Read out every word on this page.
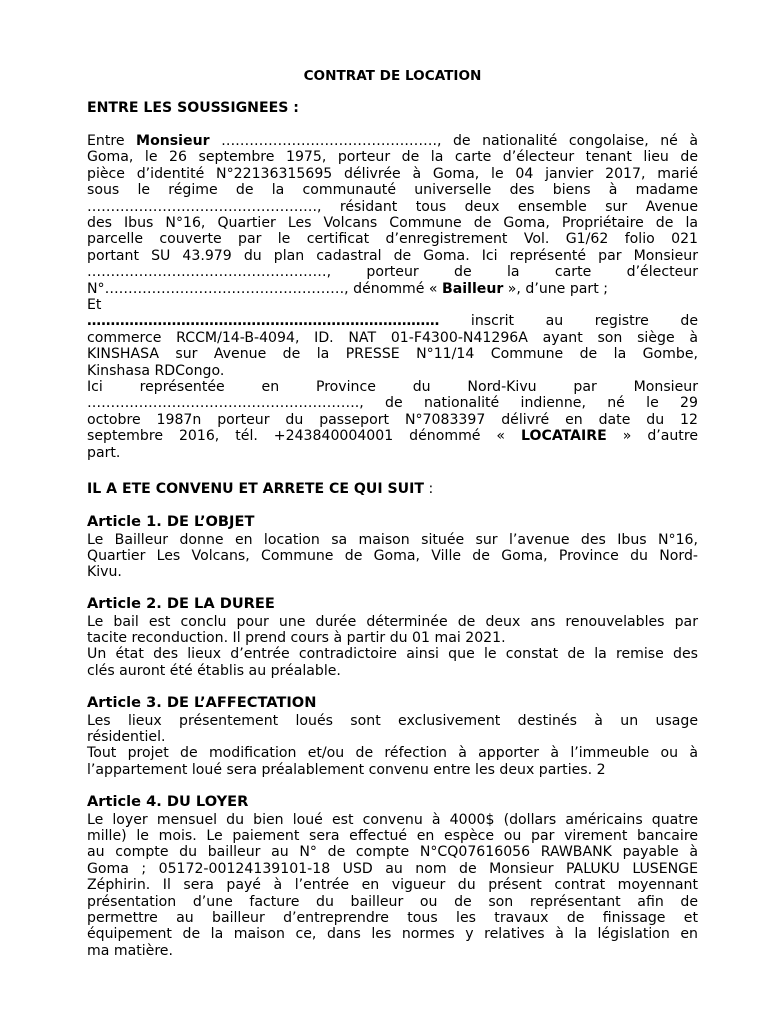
CONTRAT DE LOCATION
ENTRE LES SOUSSIGNEES :
Entre Monsieur ………………………………………., de nationalité congolaise, né à
Goma, le 26 septembre 1975, porteur de la carte d’électeur tenant lieu de
pièce d’identité N°22136315695 délivrée à Goma, le 04 janvier 2017, marié
sous le régime de la communauté universelle des biens à madame
…………………………………………., résidant tous deux ensemble sur Avenue
des Ibus N°16, Quartier Les Volcans Commune de Goma, Propriétaire de la
parcelle couverte par le certificat d’enregistrement Vol. G1/62 folio 021
portant SU 43.979 du plan cadastral de Goma. Ici représenté par Monsieur
……………………………………………, porteur de la carte d’électeur
N°……………………………………………, dénommé « Bailleur », d’une part ;
Et
………………………………………………………………… inscrit au registre de
commerce RCCM/14-B-4094, ID. NAT 01-F4300-N41296A ayant son siège à
KINSHASA sur Avenue de la PRESSE N°11/14 Commune de la Gombe,
Kinshasa RDCongo.
Ici représentée en Province du Nord-Kivu par Monsieur
…………………………………………………., de nationalité indienne, né le 29
octobre 1987n porteur du passeport N°7083397 délivré en date du 12
septembre 2016, tél. +243840004001 dénommé « LOCATAIRE » d’autre
part.
IL A ETE CONVENU ET ARRETE CE QUI SUIT :
Article 1. DE L’OBJET
Le Bailleur donne en location sa maison située sur l’avenue des Ibus N°16,
Quartier Les Volcans, Commune de Goma, Ville de Goma, Province du Nord-
Kivu.
Article 2. DE LA DUREE
Le bail est conclu pour une durée déterminée de deux ans renouvelables par
tacite reconduction. Il prend cours à partir du 01 mai 2021.
Un état des lieux d’entrée contradictoire ainsi que le constat de la remise des
clés auront été établis au préalable.
Article 3. DE L’AFFECTATION
Les lieux présentement loués sont exclusivement destinés à un usage
résidentiel.
Tout projet de modification et/ou de réfection à apporter à l’immeuble ou à
l’appartement loué sera préalablement convenu entre les deux parties. 2
Article 4. DU LOYER
Le loyer mensuel du bien loué est convenu à 4000$ (dollars américains quatre
mille) le mois. Le paiement sera effectué en espèce ou par virement bancaire
au compte du bailleur au N° de compte N°CQ07616056 RAWBANK payable à
Goma ; 05172-00124139101-18 USD au nom de Monsieur PALUKU LUSENGE
Zéphirin. Il sera payé à l’entrée en vigueur du présent contrat moyennant
présentation d’une facture du bailleur ou de son représentant afin de
permettre au bailleur d’entreprendre tous les travaux de finissage et
équipement de la maison ce, dans les normes y relatives à la législation en
ma matière.
